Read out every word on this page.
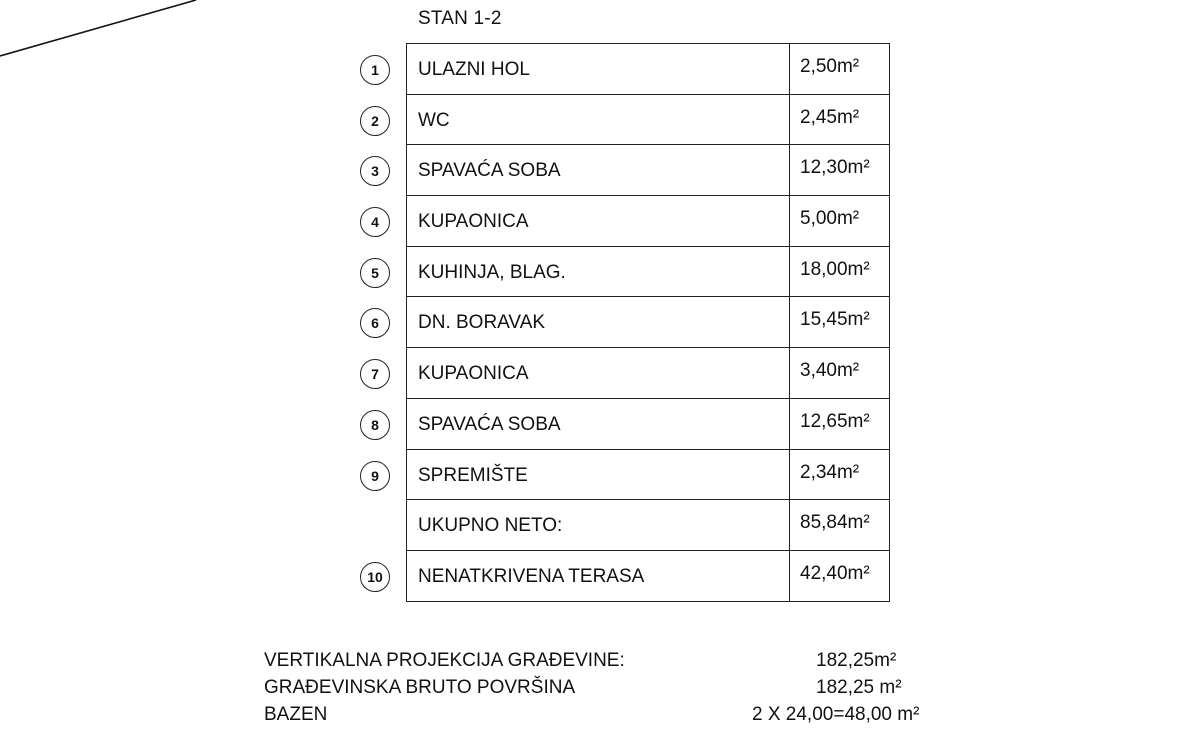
STAN 1-2
1	ULAZNI HOL	2,50m²
2	WC	2,45m²
3	SPAVAĆA SOBA	12,30m²
4	KUPAONICA	5,00m²
5	KUHINJA, BLAG.	18,00m²
6	DN. BORAVAK	15,45m²
7	KUPAONICA	3,40m²
8	SPAVAĆA SOBA	12,65m²
9	SPREMIŠTE	2,34m²
UKUPNO NETO:	85,84m²
10	NENATKRIVENA TERASA	42,40m²
VERTIKALNA PROJEKCIJA GRAĐEVINE:	182,25m²
GRAĐEVINSKA BRUTO POVRŠINA	182,25 m²
BAZEN	2 X 24,00=48,00 m²
